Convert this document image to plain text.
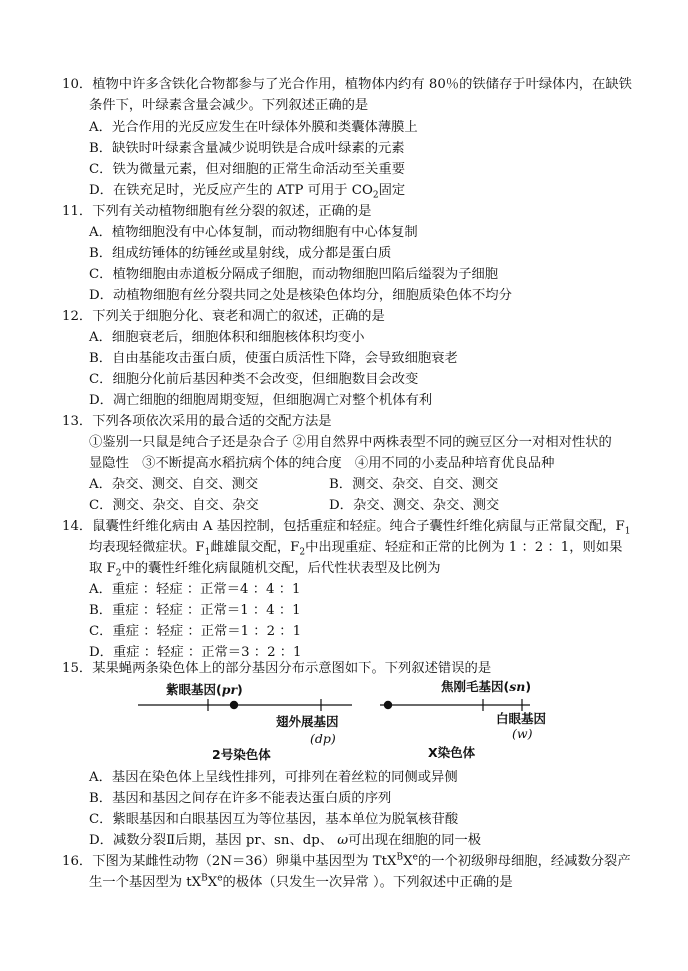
10．植物中许多含铁化合物都参与了光合作用，植物体内约有 80％的铁储存于叶绿体内，在缺铁
条件下，叶绿素含量会减少。下列叙述正确的是
A．光合作用的光反应发生在叶绿体外膜和类囊体薄膜上
B．缺铁时叶绿素含量减少说明铁是合成叶绿素的元素
C．铁为微量元素，但对细胞的正常生命活动至关重要
D．在铁充足时，光反应产生的 ATP 可用于 $CO_2$固定
11．下列有关动植物细胞有丝分裂的叙述，正确的是
A．植物细胞没有中心体复制，而动物细胞有中心体复制
B．组成纺锤体的纺锤丝或星射线，成分都是蛋白质
C．植物细胞由赤道板分隔成子细胞，而动物细胞凹陷后缢裂为子细胞
D．动植物细胞有丝分裂共同之处是核染色体均分，细胞质染色体不均分
12．下列关于细胞分化、衰老和凋亡的叙述，正确的是
A．细胞衰老后，细胞体积和细胞核体积均变小
B．自由基能攻击蛋白质，使蛋白质活性下降，会导致细胞衰老
C．细胞分化前后基因种类不会改变，但细胞数目会改变
D．凋亡细胞的细胞周期变短，但细胞凋亡对整个机体有利
13．下列各项依次采用的最合适的交配方法是
①鉴别一只鼠是纯合子还是杂合子 ②用自然界中两株表型不同的豌豆区分一对相对性状的
显隐性　③不断提高水稻抗病个体的纯合度　④用不同的小麦品种培育优良品种
A．杂交、测交、自交、测交	B．测交、杂交、自交、测交
C．测交、杂交、自交、杂交	D．杂交、测交、杂交、测交
14．鼠囊性纤维化病由 A 基因控制，包括重症和轻症。纯合子囊性纤维化病鼠与正常鼠交配，$F_1$
均表现轻微症状。$F_1$雌雄鼠交配，$F_2$中出现重症、轻症和正常的比例为 1 ：2 ：1，则如果
取 $F_2$中的囊性纤维化病鼠随机交配，后代性状表型及比例为
A．重症 ：轻症 ：正常＝4 ：4 ：1
B．重症 ：轻症 ：正常＝1 ：4 ：1
C．重症 ：轻症 ：正常＝1 ：2 ：1
D．重症 ：轻症 ：正常＝3 ：2 ：1
15．某果蝇两条染色体上的部分基因分布示意图如下。下列叙述错误的是
紫眼基因(pr)
翅外展基因
(dp)
2号染色体
焦刚毛基因(sn)
白眼基因
(w)
X染色体
A．基因在染色体上呈线性排列，可排列在着丝粒的同侧或异侧
B．基因和基因之间存在许多不能表达蛋白质的序列
C．紫眼基因和白眼基因互为等位基因，基本单位为脱氧核苷酸
D．减数分裂Ⅱ后期，基因 pr、sn、dp、 ω可出现在细胞的同一极
16．下图为某雌性动物（2N＝36）卵巢中基因型为 TtX$^B$Xe的一个初级卵母细胞，经减数分裂产
生一个基因型为 $tX^BXe$的极体（只发生一次异常 ）。下列叙述中正确的是
